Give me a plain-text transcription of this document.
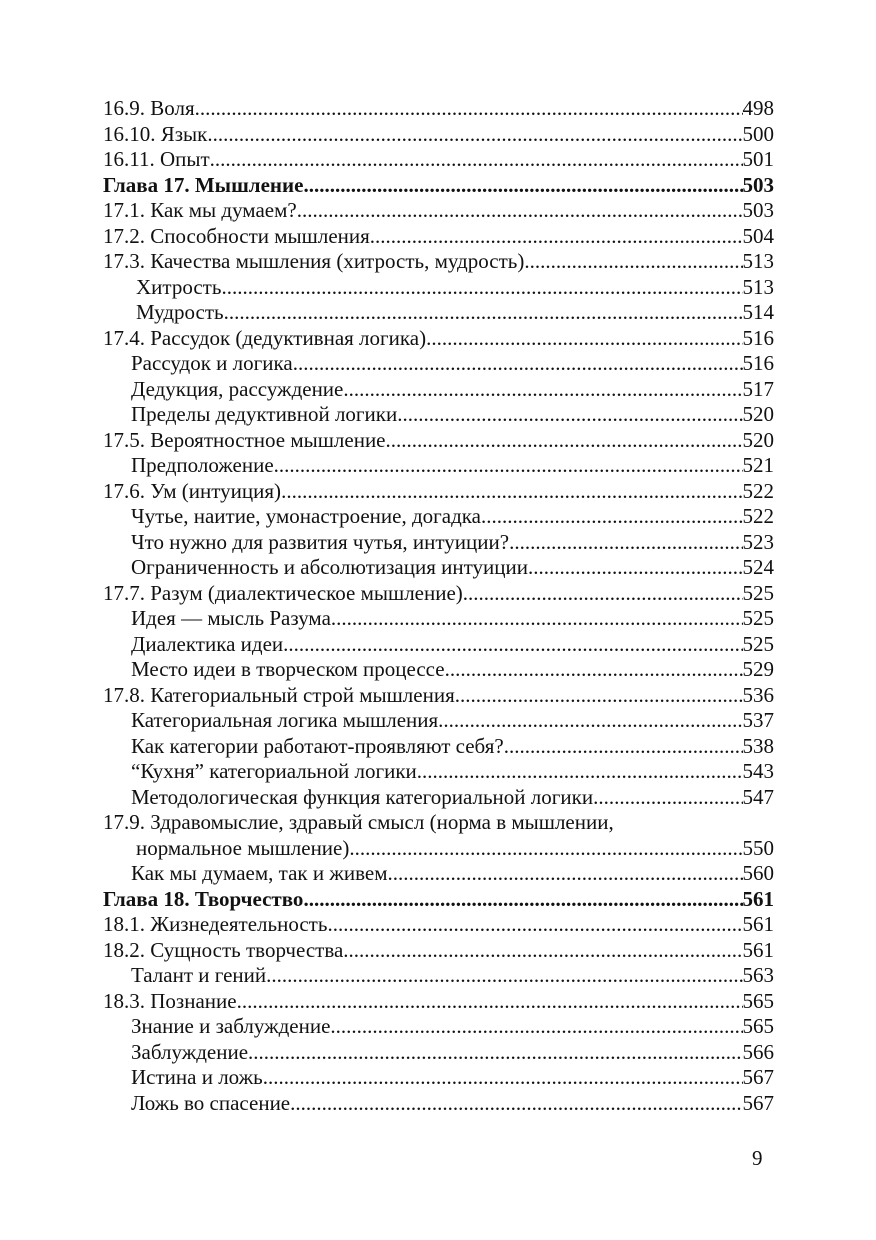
16.9. Воля .....	498
16.10. Язык .....	500
16.11. Опыт .....	501
Глава 17. Мышление .....	503
17.1. Как мы думаем? .....	503
17.2. Способности мышления .....	504
17.3. Качества мышления (хитрость, мудрость) .....	513
Хитрость .....	513
Мудрость .....	514
17.4. Рассудок (дедуктивная логика) .....	516
Рассудок и логика .....	516
Дедукция, рассуждение .....	517
Пределы дедуктивной логики .....	520
17.5. Вероятностное мышление .....	520
Предположение .....	521
17.6. Ум (интуиция) .....	522
Чутье, наитие, умонастроение, догадка .....	522
Что нужно для развития чутья, интуиции? .....	523
Ограниченность и абсолютизация интуиции .....	524
17.7. Разум (диалектическое мышление) .....	525
Идея — мысль Разума .....	525
Диалектика идеи .....	525
Место идеи в творческом процессе .....	529
17.8. Категориальный строй мышления .....	536
Категориальная логика мышления .....	537
Как категории работают-проявляют себя? .....	538
“Кухня” категориальной логики .....	543
Методологическая функция категориальной логики .....	547
17.9. Здравомыслие, здравый смысл (норма в мышлении,
нормальное мышление) .....	550
Как мы думаем, так и живем .....	560
Глава 18. Творчество .....	561
18.1. Жизнедеятельность .....	561
18.2. Сущность творчества .....	561
Талант и гений .....	563
18.3. Познание .....	565
Знание и заблуждение .....	565
Заблуждение .....	566
Истина и ложь .....	567
Ложь во спасение .....	567
9
